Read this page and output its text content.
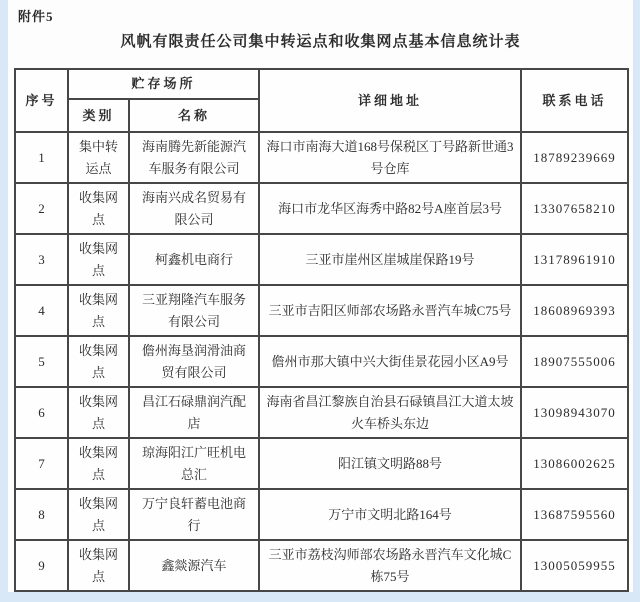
附件5
风帆有限责任公司集中转运点和收集网点基本信息统计表
序号	贮存场所		详细地址	联系电话
	类别	名称		
1	集中转运点	海南腾先新能源汽车服务有限公司	海口市南海大道168号保税区丁号路新世通3号仓库	18789239669
2	收集网点	海南兴成名贸易有限公司	海口市龙华区海秀中路82号A座首层3号	13307658210
3	收集网点	柯鑫机电商行	三亚市崖州区崖城崖保路19号	13178961910
4	收集网点	三亚翔隆汽车服务有限公司	三亚市吉阳区师部农场路永晋汽车城C75号	18608969393
5	收集网点	儋州海垦润滑油商贸有限公司	儋州市那大镇中兴大街佳景花园小区A9号	18907555006
6	收集网点	昌江石碌鼎润汽配店	海南省昌江黎族自治县石碌镇昌江大道太坡火车桥头东边	13098943070
7	收集网点	琼海阳江广旺机电总汇	阳江镇文明路88号	13086002625
8	收集网点	万宁良轩蓄电池商行	万宁市文明北路164号	13687595560
9	收集网点	鑫燚源汽车	三亚市荔枝沟师部农场路永晋汽车文化城C栋75号	13005059955
